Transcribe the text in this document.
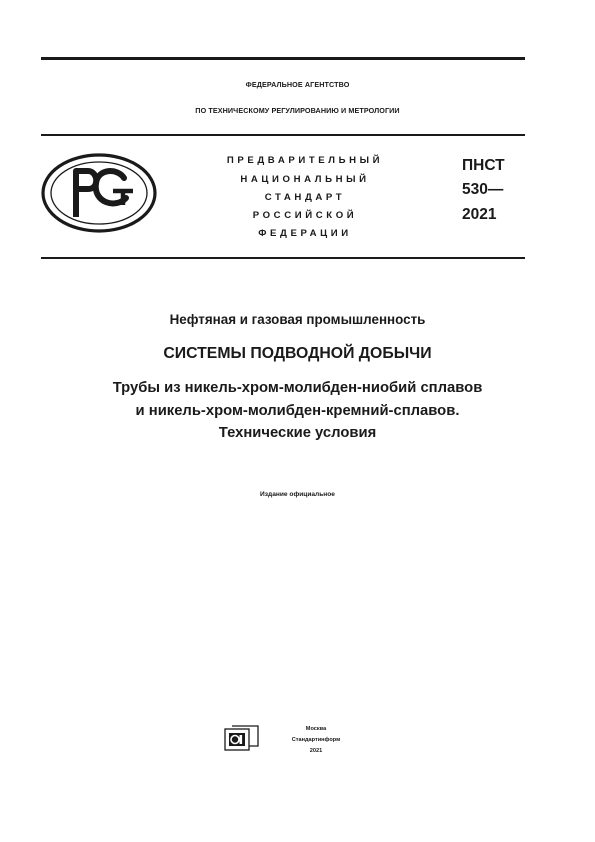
ФЕДЕРАЛЬНОЕ АГЕНТСТВО
ПО ТЕХНИЧЕСКОМУ РЕГУЛИРОВАНИЮ И МЕТРОЛОГИИ
ПРЕДВАРИТЕЛЬНЫЙ
НАЦИОНАЛЬНЫЙ
СТАНДАРТ
РОССИЙСКОЙ
ФЕДЕРАЦИИ
ПНСТ
530—
2021
Нефтяная и газовая промышленность
СИСТЕМЫ ПОДВОДНОЙ ДОБЫЧИ
Трубы из никель-хром-молибден-ниобий сплавов
и никель-хром-молибден-кремний-сплавов.
Технические условия
Издание официальное
Москва
Стандартинформ
2021
